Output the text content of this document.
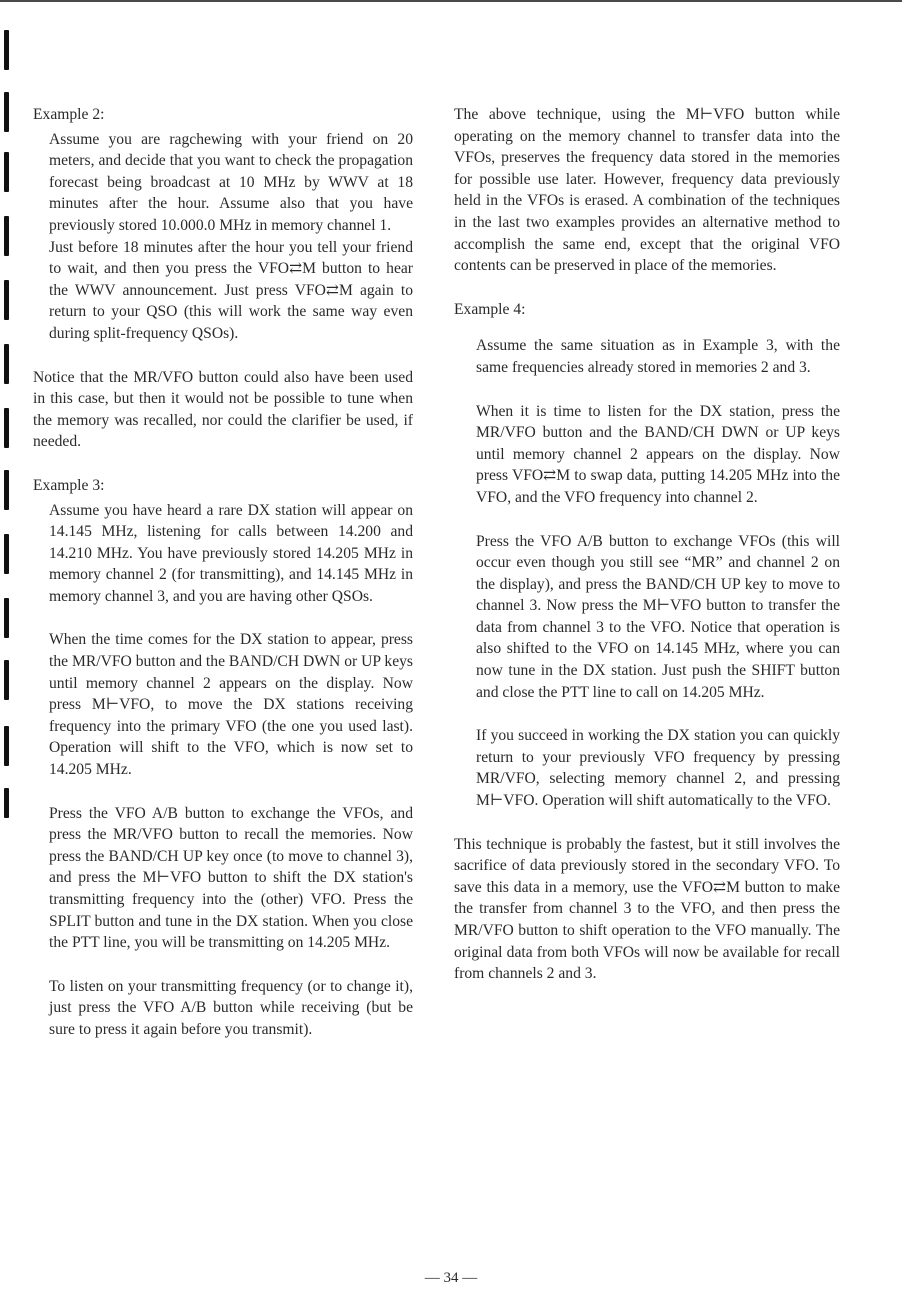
Example 2:

Assume you are ragchewing with your friend on 20 meters, and decide that you want to check the propagation forecast being broadcast at 10 MHz by WWV at 18 minutes after the hour. Assume also that you have previously stored 10.000.0 MHz in memory channel 1.

Just before 18 minutes after the hour you tell your friend to wait, and then you press the VFO⇄M button to hear the WWV announcement. Just press VFO⇄M again to return to your QSO (this will work the same way even during split-frequency QSOs).

Notice that the MR/VFO button could also have been used in this case, but then it would not be possible to tune when the memory was recalled, nor could the clarifier be used, if needed.

Example 3:

Assume you have heard a rare DX station will appear on 14.145 MHz, listening for calls between 14.200 and 14.210 MHz. You have previously stored 14.205 MHz in memory channel 2 (for transmitting), and 14.145 MHz in memory channel 3, and you are having other QSOs.

When the time comes for the DX station to appear, press the MR/VFO button and the BAND/CH DWN or UP keys until memory channel 2 appears on the display. Now press M⊢VFO, to move the DX stations receiving frequency into the primary VFO (the one you used last). Operation will shift to the VFO, which is now set to 14.205 MHz.

Press the VFO A/B button to exchange the VFOs, and press the MR/VFO button to recall the memories. Now press the BAND/CH UP key once (to move to channel 3), and press the M⊢VFO button to shift the DX station's transmitting frequency into the (other) VFO. Press the SPLIT button and tune in the DX station. When you close the PTT line, you will be transmitting on 14.205 MHz.

To listen on your transmitting frequency (or to change it), just press the VFO A/B button while receiving (but be sure to press it again before you transmit).

The above technique, using the M⊢VFO button while operating on the memory channel to transfer data into the VFOs, preserves the frequency data stored in the memories for possible use later. However, frequency data previously held in the VFOs is erased. A combination of the techniques in the last two examples provides an alternative method to accomplish the same end, except that the original VFO contents can be preserved in place of the memories.

Example 4:

Assume the same situation as in Example 3, with the same frequencies already stored in memories 2 and 3.

When it is time to listen for the DX station, press the MR/VFO button and the BAND/CH DWN or UP keys until memory channel 2 appears on the display. Now press VFO⇄M to swap data, putting 14.205 MHz into the VFO, and the VFO frequency into channel 2.

Press the VFO A/B button to exchange VFOs (this will occur even though you still see “MR” and channel 2 on the display), and press the BAND/CH UP key to move to channel 3. Now press the M⊢VFO button to transfer the data from channel 3 to the VFO. Notice that operation is also shifted to the VFO on 14.145 MHz, where you can now tune in the DX station. Just push the SHIFT button and close the PTT line to call on 14.205 MHz.

If you succeed in working the DX station you can quickly return to your previously VFO frequency by pressing MR/VFO, selecting memory channel 2, and pressing M⊢VFO. Operation will shift automatically to the VFO.

This technique is probably the fastest, but it still involves the sacrifice of data previously stored in the secondary VFO. To save this data in a memory, use the VFO⇄M button to make the transfer from channel 3 to the VFO, and then press the MR/VFO button to shift operation to the VFO manually. The original data from both VFOs will now be available for recall from channels 2 and 3.

— 34 —
